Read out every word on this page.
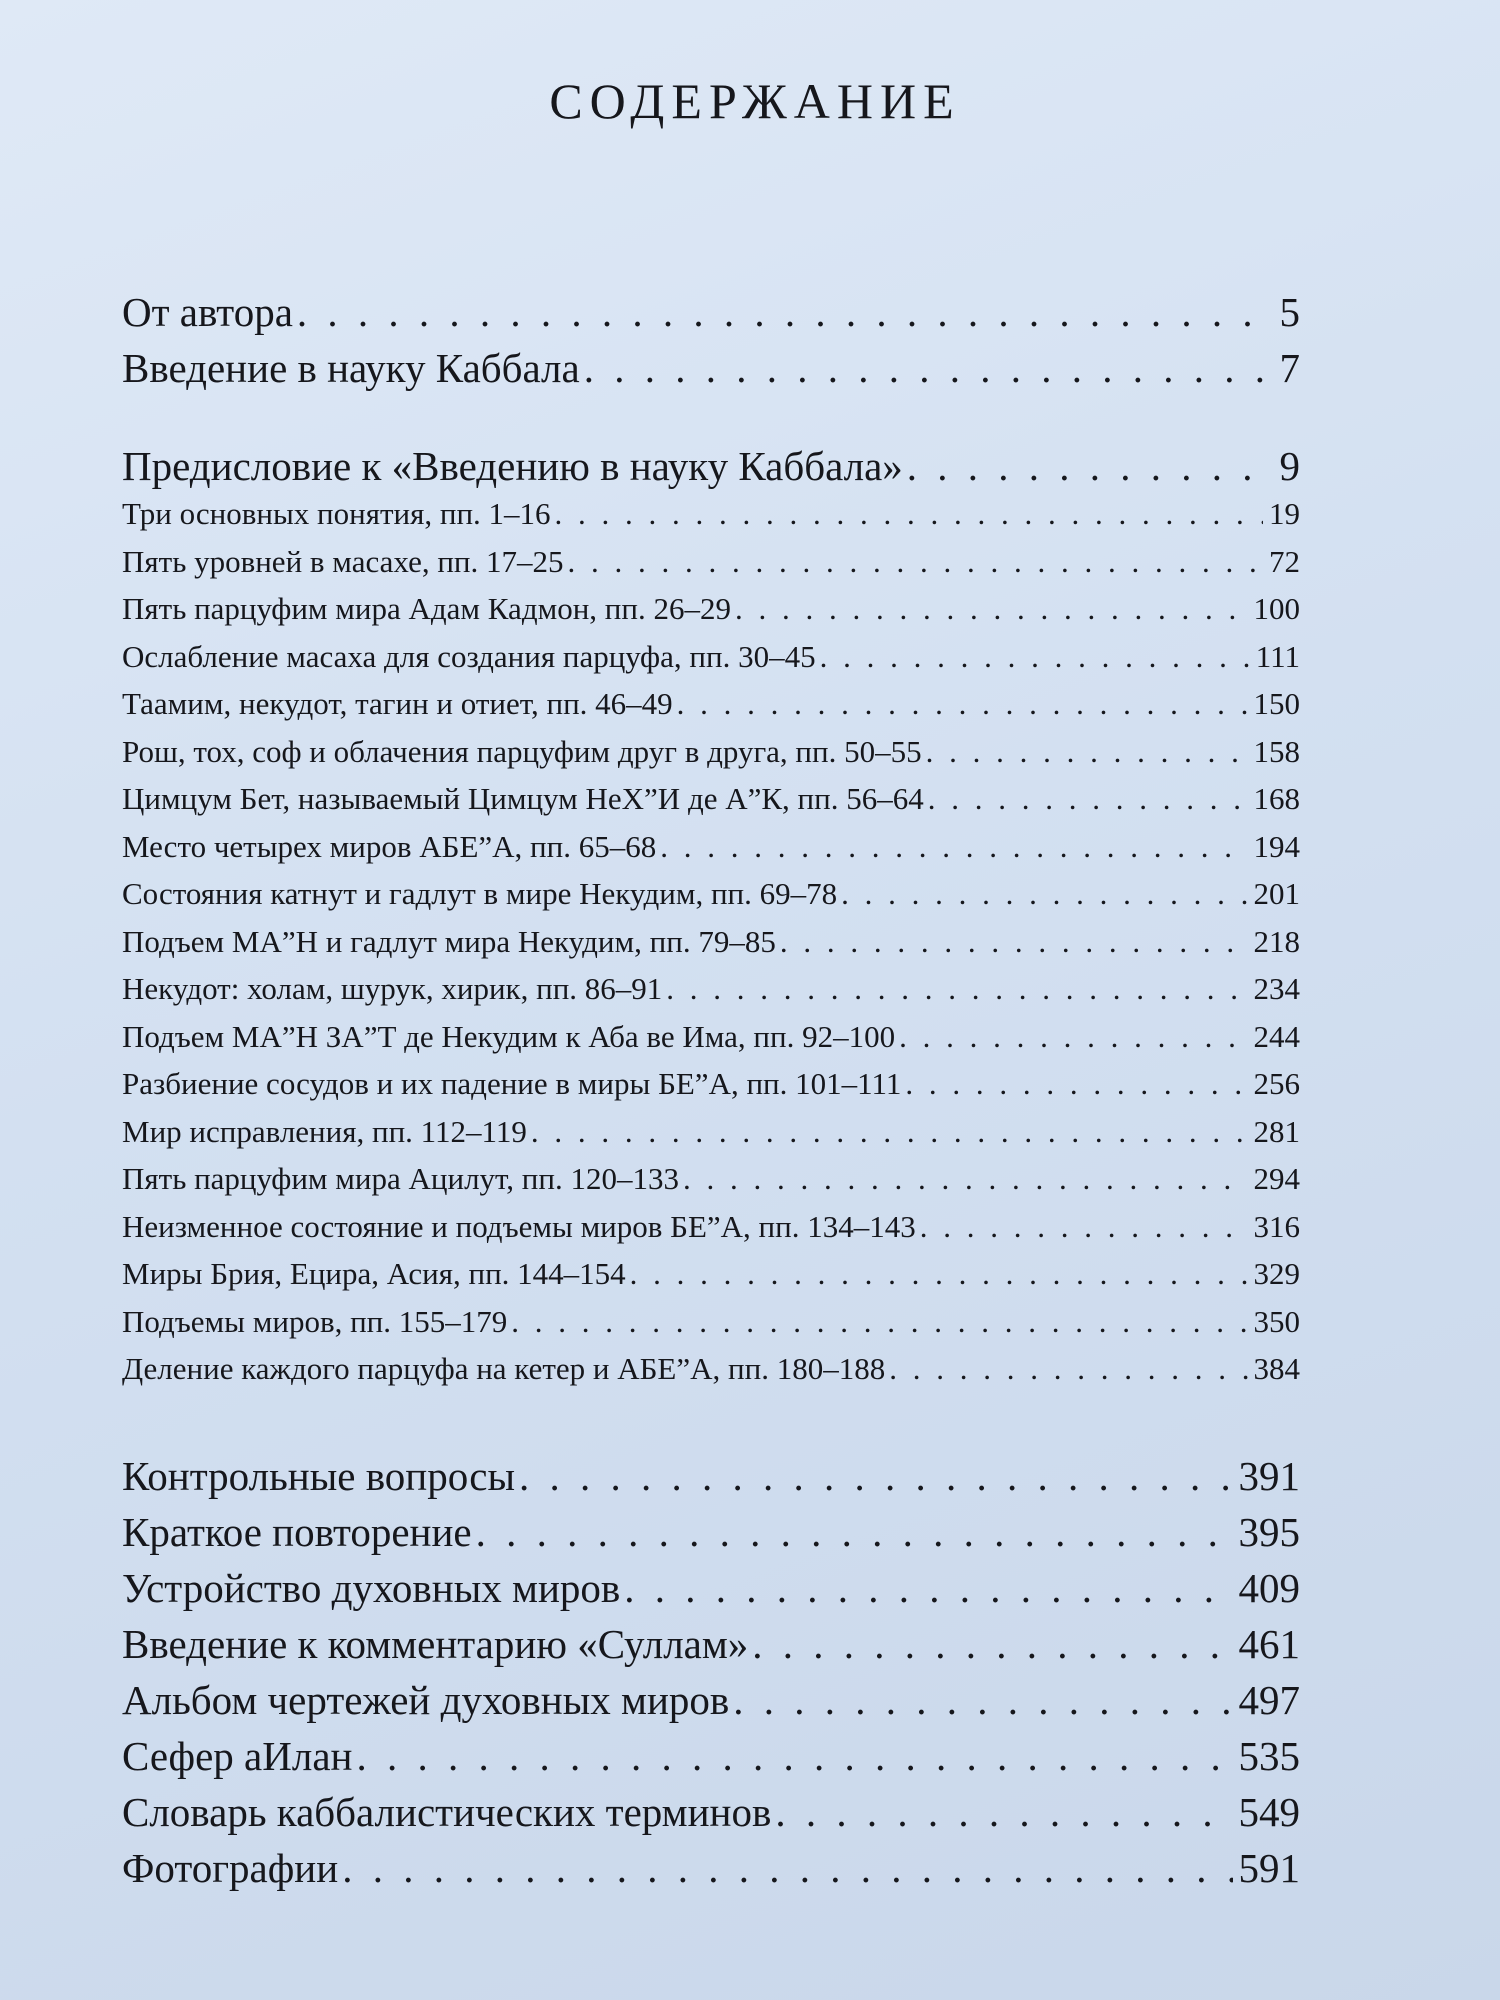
СОДЕРЖАНИЕ
От автора . . .	5
Введение в науку Каббала . . .	7
Предисловие к «Введению в науку Каббала» . . .	9
Три основных понятия, пп. 1–16 . . .	19
Пять уровней в масахе, пп. 17–25 . . .	72
Пять парцуфим мира Адам Кадмон, пп. 26–29 . . .	100
Ослабление масаха для создания парцуфа, пп. 30–45 . . .	111
Таамим, некудот, тагин и отиет, пп. 46–49 . . .	150
Рош, тох, соф и облачения парцуфим друг в друга, пп. 50–55 . . .	158
Цимцум Бет, называемый Цимцум НеХ”И де А”К, пп. 56–64 . . .	168
Место четырех миров АБЕ”А, пп. 65–68 . . .	194
Состояния катнут и гадлут в мире Некудим, пп. 69–78 . . .	201
Подъем МА”Н и гадлут мира Некудим, пп. 79–85 . . .	218
Некудот: холам, шурук, хирик, пп. 86–91 . . .	234
Подъем МА”Н ЗА”Т де Некудим к Аба ве Има, пп. 92–100 . . .	244
Разбиение сосудов и их падение в миры БЕ”А, пп. 101–111 . . .	256
Мир исправления, пп. 112–119 . . .	281
Пять парцуфим мира Ацилут, пп. 120–133 . . .	294
Неизменное состояние и подъемы миров БЕ”А, пп. 134–143 . . .	316
Миры Брия, Ецира, Асия, пп. 144–154 . . .	329
Подъемы миров, пп. 155–179 . . .	350
Деление каждого парцуфа на кетер и АБЕ”А, пп. 180–188 . . .	384
Контрольные вопросы . . .	391
Краткое повторение . . .	395
Устройство духовных миров . . .	409
Введение к комментарию «Суллам» . . .	461
Альбом чертежей духовных миров . . .	497
Сефер аИлан . . .	535
Словарь каббалистических терминов . . .	549
Фотографии . . .	591
